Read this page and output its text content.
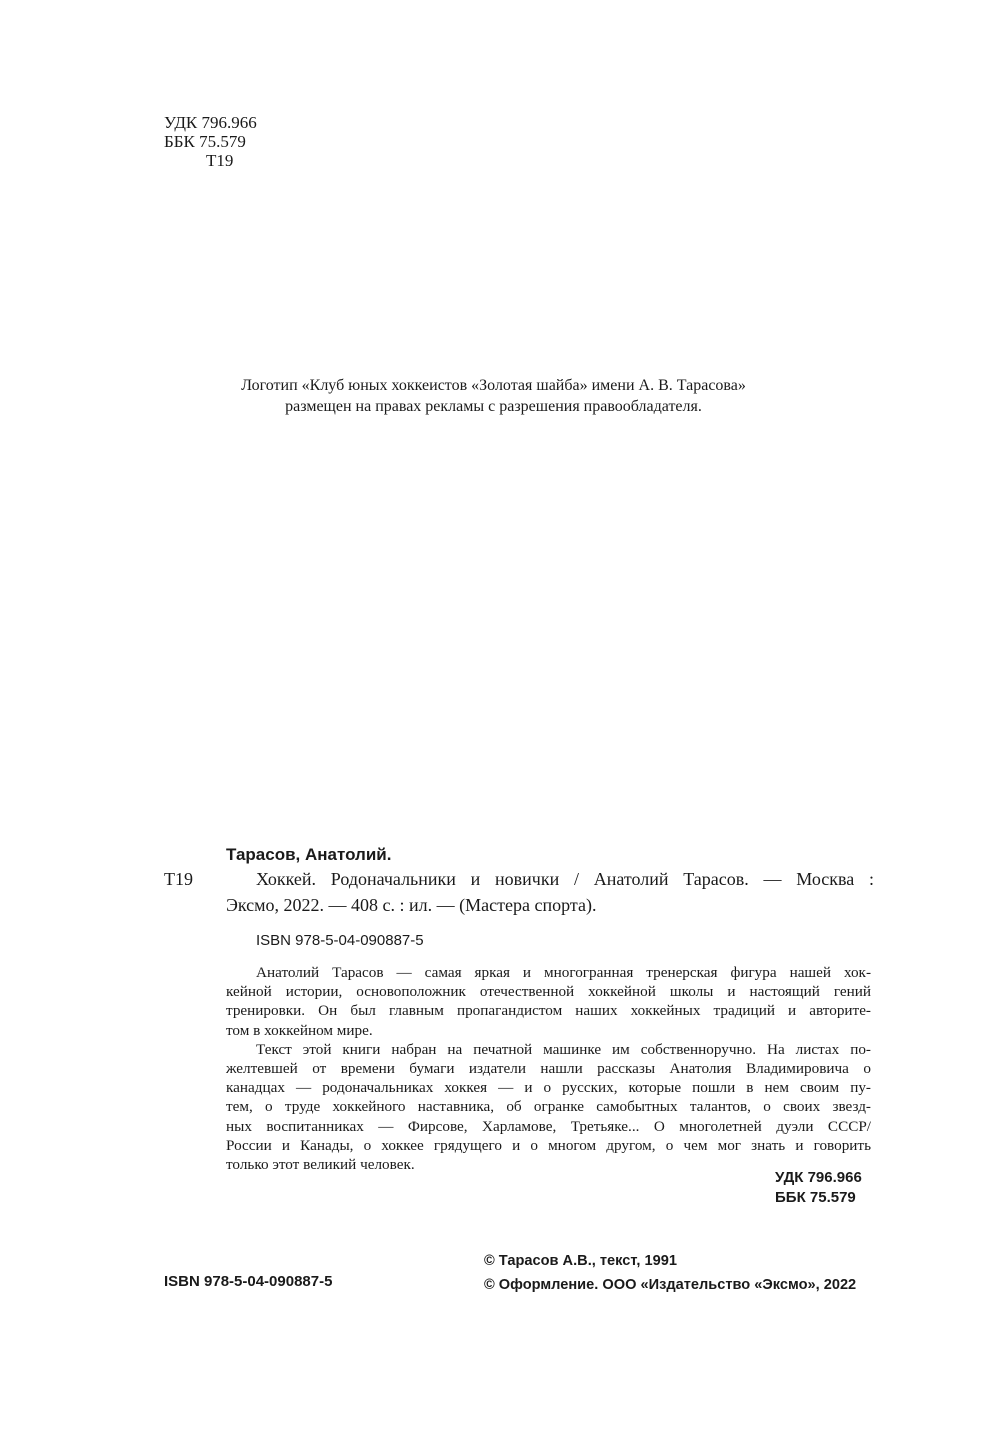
УДК 796.966
ББК 75.579
Т19
Логотип «Клуб юных хоккеистов «Золотая шайба» имени А. В. Тарасова»
размещен на правах рекламы с разрешения правообладателя.
Тарасов, Анатолий.
Т19	Хоккей. Родоначальники и новички / Анатолий Тарасов. — Москва :
Эксмо, 2022. — 408 с. : ил. — (Мастера спорта).
ISBN 978-5-04-090887-5

Анатолий Тарасов — самая яркая и многогранная тренерская фигура нашей хок-
кейной истории, основоположник отечественной хоккейной школы и настоящий гений
тренировки. Он был главным пропагандистом наших хоккейных традиций и авторите-
том в хоккейном мире.

Текст этой книги набран на печатной машинке им собственноручно. На листах по-
желтевшей от времени бумаги издатели нашли рассказы Анатолия Владимировича о
канадцах — родоначальниках хоккея — и о русских, которые пошли в нем своим пу-
тем, о труде хоккейного наставника, об огранке самобытных талантов, о своих звезд-
ных воспитанниках — Фирсове, Харламове, Третьяке... О многолетней дуэли СССР/
России и Канады, о хоккее грядущего и о многом другом, о чем мог знать и говорить
только этот великий человек.

УДК 796.966
ББК 75.579
ISBN 978-5-04-090887-5
© Тарасов А.В., текст, 1991
© Оформление. ООО «Издательство «Эксмо», 2022
